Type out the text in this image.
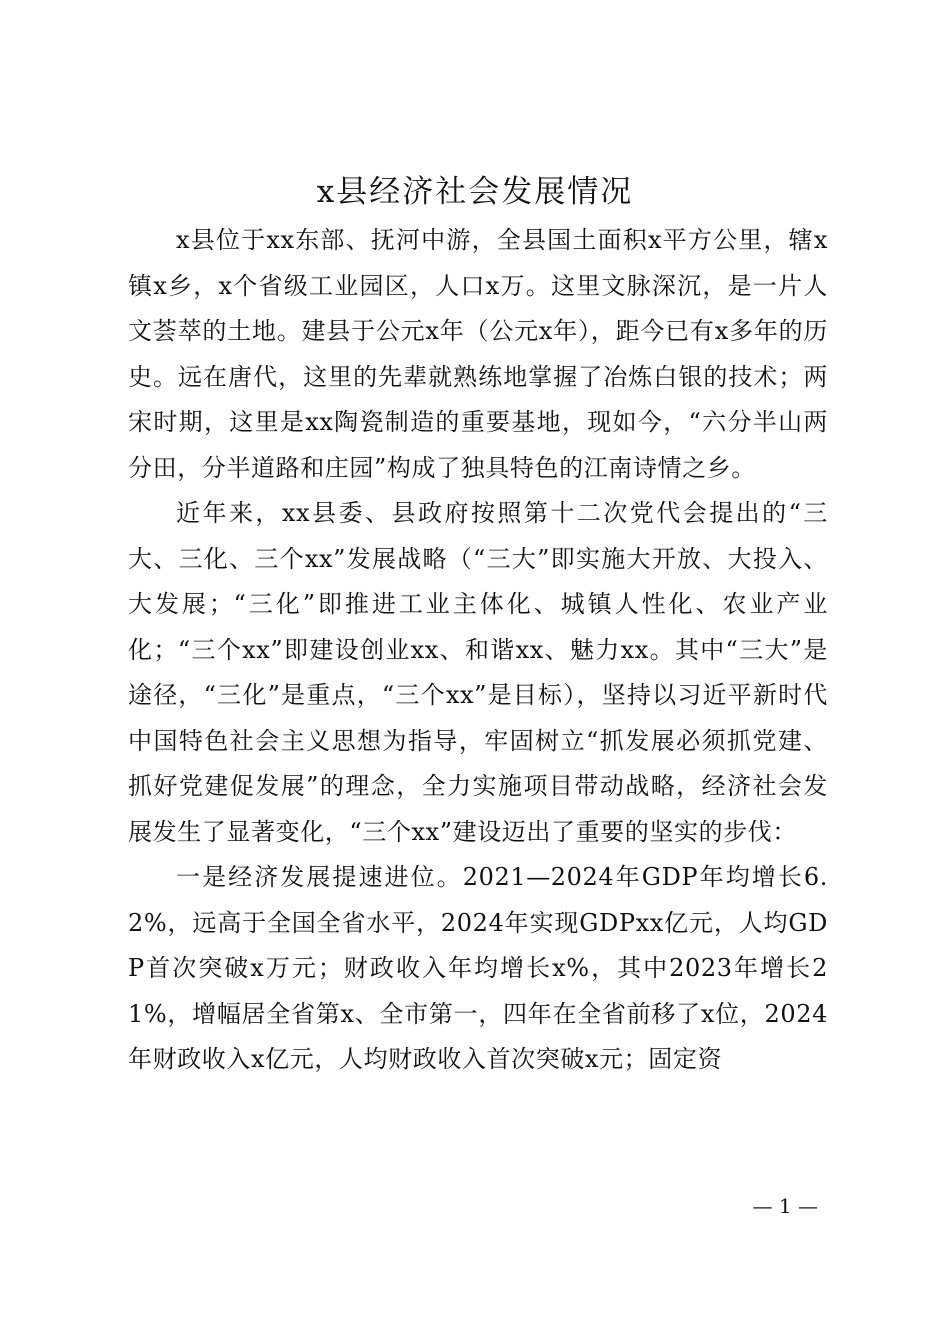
x县经济社会发展情况

x县位于xx东部、抚河中游，全县国土面积x平方公里，辖x镇x乡，x个省级工业园区，人口x万。这里文脉深沉，是一片人文荟萃的土地。建县于公元x年（公元x年），距今已有x多年的历史。远在唐代，这里的先辈就熟练地掌握了冶炼白银的技术；两宋时期，这里是xx陶瓷制造的重要基地，现如今，“六分半山两分田，分半道路和庄园”构成了独具特色的江南诗情之乡。

近年来，xx县委、县政府按照第十二次党代会提出的“三大、三化、三个xx”发展战略（“三大”即实施大开放、大投入、大发展；“三化”即推进工业主体化、城镇人性化、农业产业化；“三个xx”即建设创业xx、和谐xx、魅力xx。其中“三大”是途径，“三化”是重点，“三个xx”是目标），坚持以习近平新时代中国特色社会主义思想为指导，牢固树立“抓发展必须抓党建、抓好党建促发展”的理念，全力实施项目带动战略，经济社会发展发生了显著变化，“三个xx”建设迈出了重要的坚实的步伐：

一是经济发展提速进位。2021—2024年GDP年均增长6.2%，远高于全国全省水平，2024年实现GDPxx亿元，人均GDP首次突破x万元；财政收入年均增长x%，其中2023年增长21%，增幅居全省第x、全市第一，四年在全省前移了x位，2024年财政收入x亿元，人均财政收入首次突破x元；固定资

— 1 —
